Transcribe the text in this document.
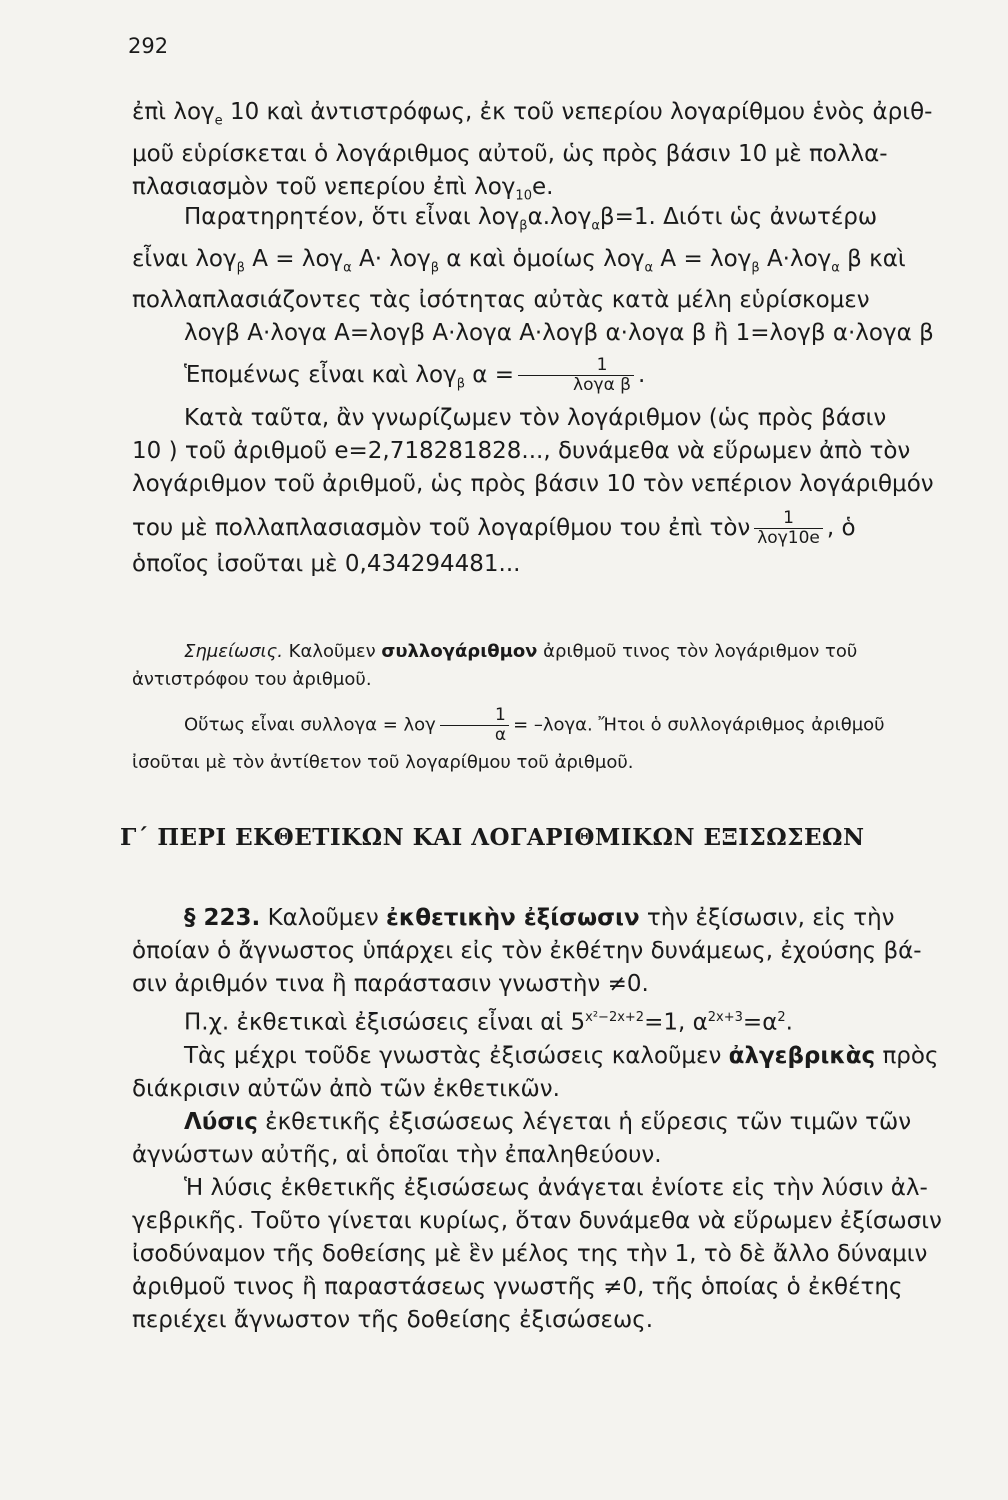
292

ἐπὶ λογ$_e$ 10 καὶ ἀντιστρόφως, ἐκ τοῦ νεπερίου λογαρίθμου ἑνὸς ἀριθ-

μοῦ εὑρίσκεται ὁ λογάριθμος αὐτοῦ, ὡς πρὸς βάσιν 10 μὲ πολλα-

πλασιασμὸν τοῦ νεπερίου ἐπὶ λογ$_{10}$e.

Παρατηρητέον, ὅτι εἶναι λογ$_\beta$α.λογ$_\alpha$β=1. Διότι ὡς ἀνωτέρω

εἶναι λογ$_\beta$ Α = λογ$_\alpha$ Α· λογ$_\beta$ α καὶ ὁμοίως λογ$_\alpha$ Α = λογ$_\beta$ Α·λογ$_\alpha$ β καὶ

πολλαπλασιάζοντες τὰς ἰσότητας αὐτὰς κατὰ μέλη εὑρίσκομεν

λογβ Α·λογα Α=λογβ Α·λογα Α·λογβ α·λογα β ἢ 1=λογβ α·λογα β

Ἑπομένως εἶναι καὶ λογ$_\beta$ $\alpha = \frac{1}{\text{λογα β}}$ .

Κατὰ ταῦτα, ἂν γνωρίζωμεν τὸν λογάριθμον (ὡς πρὸς βάσιν

10 ) τοῦ ἀριθμοῦ e=2,718281828..., δυνάμεθα νὰ εὕρωμεν ἀπὸ τὸν

λογάριθμον τοῦ ἀριθμοῦ, ὡς πρὸς βάσιν 10 τὸν νεπέριον λογάριθμόν

του μὲ πολλαπλασιασμὸν τοῦ λογαρίθμου του ἐπὶ τὸν $\frac{1}{\text{λογ10e}}$ , ὁ

ὁποῖος ἰσοῦται μὲ 0,434294481...

Σημείωσις. Καλοῦμεν συλλογάριθμον ἀριθμοῦ τινος τὸν λογάριθμον τοῦ

ἀντιστρόφου του ἀριθμοῦ.

Οὕτως εἶναι συλλογα = λογ $\frac{1}{\alpha} = -\lambda o\gamma\alpha$. Ἤτοι ὁ συλλογάριθμος ἀριθμοῦ

ἰσοῦται μὲ τὸν ἀντίθετον τοῦ λογαρίθμου τοῦ ἀριθμοῦ.

Γ΄ ΠΕΡΙ ΕΚΘΕΤΙΚΩΝ ΚΑΙ ΛΟΓΑΡΙΘΜΙΚΩΝ ΕΞΙΣΩΣΕΩΝ

§ 223. Καλοῦμεν ἐκθετικὴν ἐξίσωσιν τὴν ἐξίσωσιν, εἰς τὴν

ὁποίαν ὁ ἄγνωστος ὑπάρχει εἰς τὸν ἐκθέτην δυνάμεως, ἐχούσης βά-

σιν ἀριθμόν τινα ἢ παράστασιν γνωστὴν ≠0.

Π.χ. ἐκθετικαὶ ἐξισώσεις εἶναι αἱ $5^{x^2-2x+2}=1$, $\alpha^{2x+3}=\alpha^2$.

Τὰς μέχρι τοῦδε γνωστὰς ἐξισώσεις καλοῦμεν ἀλγεβρικὰς πρὸς

διάκρισιν αὐτῶν ἀπὸ τῶν ἐκθετικῶν.

Λύσις ἐκθετικῆς ἐξισώσεως λέγεται ἡ εὕρεσις τῶν τιμῶν τῶν

ἀγνώστων αὐτῆς, αἱ ὁποῖαι τὴν ἐπαληθεύουν.

Ἡ λύσις ἐκθετικῆς ἐξισώσεως ἀνάγεται ἐνίοτε εἰς τὴν λύσιν ἀλ-

γεβρικῆς. Τοῦτο γίνεται κυρίως, ὅταν δυνάμεθα νὰ εὕρωμεν ἐξίσωσιν

ἰσοδύναμον τῆς δοθείσης μὲ ἓν μέλος της τὴν 1, τὸ δὲ ἄλλο δύναμιν

ἀριθμοῦ τινος ἢ παραστάσεως γνωστῆς ≠0, τῆς ὁποίας ὁ ἐκθέτης

περιέχει ἄγνωστον τῆς δοθείσης ἐξισώσεως.
